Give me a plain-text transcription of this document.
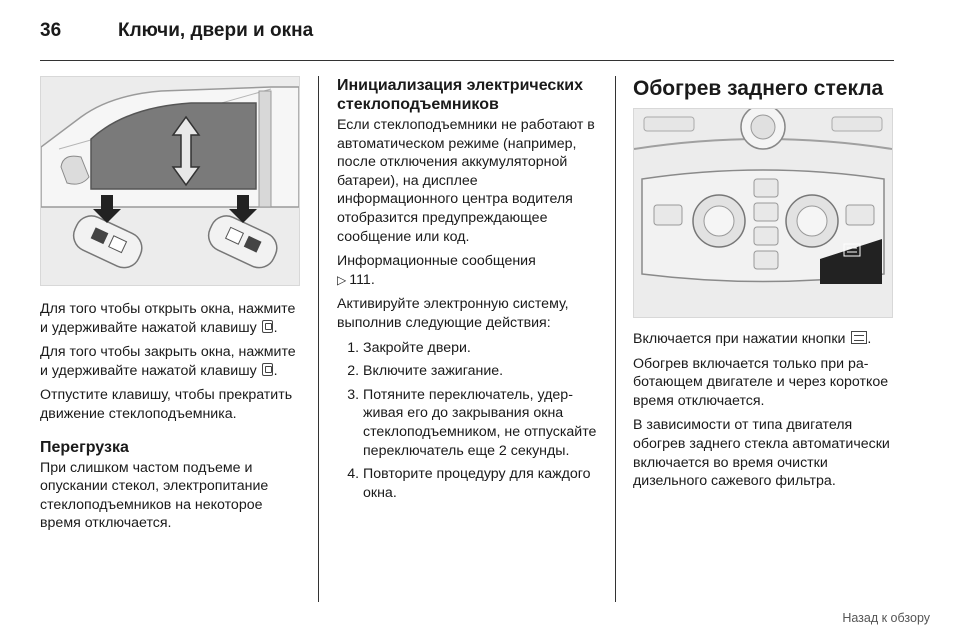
36	Ключи, двери и окна

Для того чтобы открыть окна, нажмите и удерживайте нажатой клавишу .

Для того чтобы закрыть окна, нажмите и удерживайте нажатой клавишу .

Отпустите клавишу, чтобы прекратить движение стеклоподъемника.

Перегрузка

При слишком частом подъеме и опускании стекол, электропитание стеклоподъемников на некоторое время отключается.

Инициализация электрических стеклоподъемников

Если стеклоподъемники не работают в автоматическом режиме (например, после отключения аккумуляторной батареи), на дисплее информационного центра водителя отобразится предупреждающее сообщение или код.

Информационные сообщения
▷ 111.

Активируйте электронную систему, выполнив следующие действия:

1. Закройте двери.
2. Включите зажигание.
3. Потяните переключатель, удерживая его до закрывания окна стеклоподъемником, не отпускайте переключатель еще 2 секунды.
4. Повторите процедуру для каждого окна.
Обогрев заднего стекла

Включается при нажатии кнопки .

Обогрев включается только при работающем двигателе и через короткое время отключается.

В зависимости от типа двигателя обогрев заднего стекла автоматически включается во время очистки дизельного сажевого фильтра.

Назад к обзору
